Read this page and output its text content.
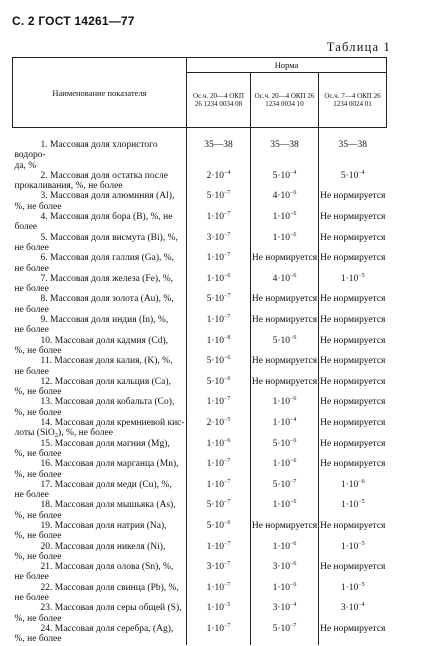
С. 2 ГОСТ 14261—77
Таблица 1
Наименование показателя	Норма		
	Ос.ч. 20—4 ОКП 26 1234 0034 08	Ос.ч. 20—4 ОКП 26 1234 0034 10	Ос.ч. 7—4 ОКП 26 1234 0024 01

1. Массовая доля хлористого водоро-
да, %	35—38	35—38	35—38

2. Массовая доля остатка после
прокаливания, %, не более	$2\cdot 10^{-4}$	$5\cdot 10^{-4}$	$5\cdot 10^{-4}$

3. Массовая доля алюминия (Al),
%, не более	$5\cdot 10^{-7}$	$4\cdot 10^{-6}$	Не нормируется

4. Массовая доля бора (B), %, не
более	$1\cdot 10^{-7}$	$1\cdot 10^{-6}$	Не нормируется

5. Массовая доля висмута (Bi), %,
не более	$3\cdot 10^{-7}$	$1\cdot 10^{-6}$	Не нормируется

6. Массовая доля галлия (Ga), %,
не более	$1\cdot 10^{-7}$	Не нормируется	Не нормируется

7. Массовая доля железа (Fe), %,
не более	$1\cdot 10^{-6}$	$4\cdot 10^{-6}$	$1\cdot 10^{-5}$

8. Массовая доля золота (Au), %,
не более	$5\cdot 10^{-7}$	Не нормируется	Не нормируется

9. Массовая доля индия (In), %,
не более	$1\cdot 10^{-7}$	Не нормируется	Не нормируется

10. Массовая доля кадмия (Cd),
%, не более	$1\cdot 10^{-8}$	$5\cdot 10^{-6}$	Не нормируется

11. Массовая доля калия, (K), %,
не более	$5\cdot 10^{-6}$	Не нормируется	Не нормируется

12. Массовая доля кальция (Ca),
%, не более	$5\cdot 10^{-6}$	Не нормируется	Не нормируется

13. Массовая доля кобальта (Co),
%, не более	$1\cdot 10^{-7}$	$1\cdot 10^{-6}$	Не нормируется

14. Массовая доля кремниевой кис-
лоты (SiO₂), %, не более	$2\cdot 10^{-5}$	$1\cdot 10^{-4}$	Не нормируется

15. Массовая доля магния (Mg),
%, не более	$1\cdot 10^{-6}$	$5\cdot 10^{-6}$	Не нормируется

16. Массовая доля марганца (Mn),
%, не более	$1\cdot 10^{-7}$	$1\cdot 10^{-6}$	Не нормируется

17. Массовая доля меди (Cu), %,
не более	$1\cdot 10^{-7}$	$5\cdot 10^{-7}$	$1\cdot 10^{-6}$

18. Массовая доля мышьяка (As),
%, не более	$5\cdot 10^{-7}$	$1\cdot 10^{-6}$	$1\cdot 10^{-5}$

19. Массовая доля натрия (Na),
%, не более	$5\cdot 10^{-6}$	Не нормируется	Не нормируется

20. Массовая доля никеля (Ni),
%, не более	$1\cdot 10^{-7}$	$1\cdot 10^{-6}$	$1\cdot 10^{-5}$

21. Массовая доля олова (Sn), %,
не более	$3\cdot 10^{-7}$	$3\cdot 10^{-6}$	Не нормируется

22. Массовая доля свинца (Pb), %,
не более	$1\cdot 10^{-7}$	$1\cdot 10^{-6}$	$1\cdot 10^{-5}$

23. Массовая доля серы общей (S),
%, не более	$1\cdot 10^{-5}$	$3\cdot 10^{-4}$	$3\cdot 10^{-4}$

24. Массовая доля серебра, (Ag),
%, не более	$1\cdot 10^{-7}$	$5\cdot 10^{-7}$	Не нормируется
